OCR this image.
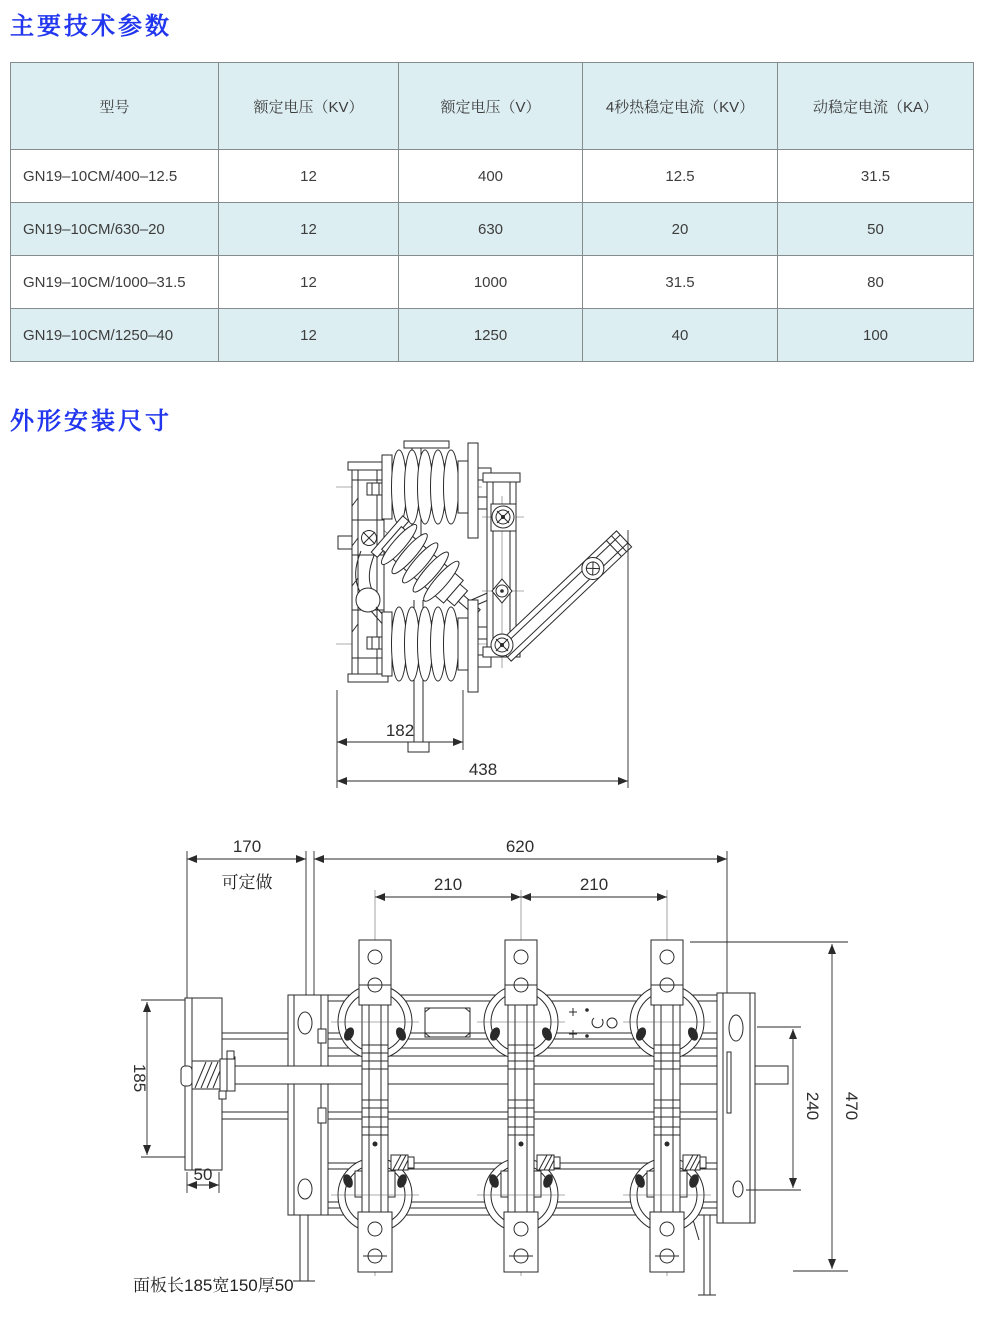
主要技术参数
型号	额定电压（KV）	额定电压（V）	4秒热稳定电流（KV）	动稳定电流（KA）
GN19–10CM/400–12.5	12	400	12.5	31.5
GN19–10CM/630–20	12	630	20	50
GN19–10CM/1000–31.5	12	1000	31.5	80
GN19–10CM/1250–40	12	1250	40	100
外形安装尺寸
182
438
170
可定做
620
210	210
240 470
185
50
面板长185宽150厚50
